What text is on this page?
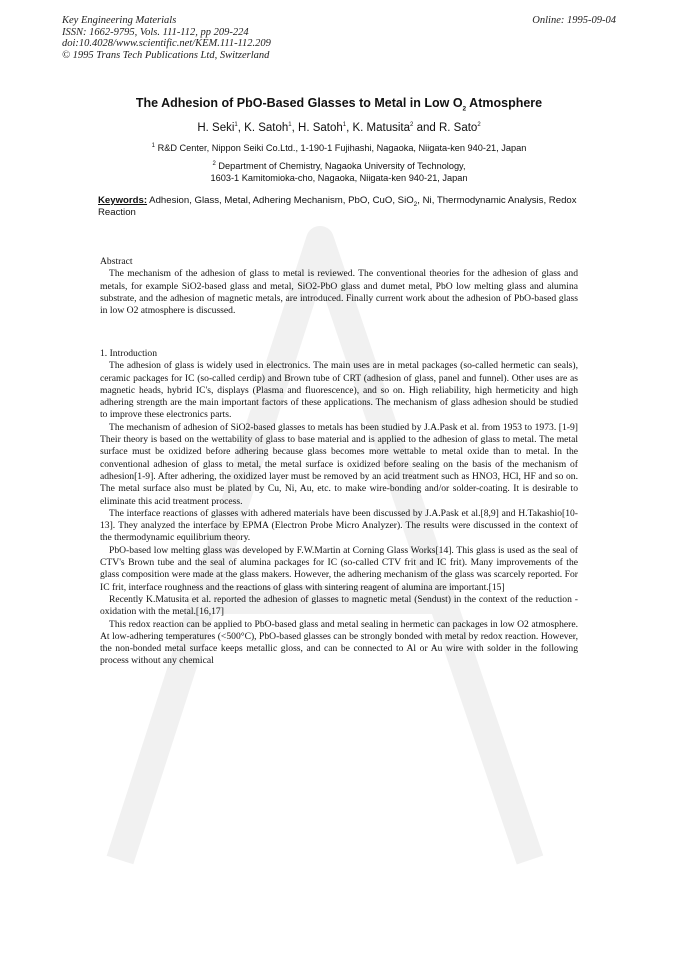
Key Engineering Materials
ISSN: 1662-9795, Vols. 111-112, pp 209-224
doi:10.4028/www.scientific.net/KEM.111-112.209
© 1995 Trans Tech Publications Ltd, Switzerland
Online: 1995-09-04
The Adhesion of PbO-Based Glasses to Metal in Low $O_2$ Atmosphere
H. Seki$^1$, K. Satoh$^1$, H. Satoh$^1$, K. Matusita$^2$ and R. Sato$^2$
$^1$ R&D Center, Nippon Seiki Co.Ltd., 1-190-1 Fujihashi, Nagaoka, Niigata-ken 940-21, Japan
$^2$ Department of Chemistry, Nagaoka University of Technology,
1603-1 Kamitomioka-cho, Nagaoka, Niigata-ken 940-21, Japan
Keywords: Adhesion, Glass, Metal, Adhering Mechanism, PbO, CuO, SiO$_2$, Ni, Thermodynamic Analysis, Redox Reaction
Abstract

The mechanism of the adhesion of glass to metal is reviewed. The conventional theories for the adhesion of glass and metals, for example SiO2-based glass and metal, SiO2-PbO glass and dumet metal, PbO low melting glass and alumina substrate, and the adhesion of magnetic metals, are introduced. Finally current work about the adhesion of PbO-based glass in low O2 atmosphere is discussed.

1. Introduction

The adhesion of glass is widely used in electronics. The main uses are in metal packages (so-called hermetic can seals), ceramic packages for IC (so-called cerdip) and Brown tube of CRT (adhesion of glass, panel and funnel). Other uses are as magnetic heads, hybrid IC's, displays (Plasma and fluorescence), and so on. High reliability, high hermeticity and high adhering strength are the main important factors of these applications. The mechanism of glass adhesion should be studied to improve these electronics parts.

The mechanism of adhesion of SiO2-based glasses to metals has been studied by J.A.Pask et al. from 1953 to 1973. [1-9] Their theory is based on the wettability of glass to base material and is applied to the adhesion of glass to metal. The metal surface must be oxidized before adhering because glass becomes more wettable to metal oxide than to metal. In the conventional adhesion of glass to metal, the metal surface is oxidized before sealing on the basis of the mechanism of adhesion[1-9]. After adhering, the oxidized layer must be removed by an acid treatment such as HNO3, HCl, HF and so on. The metal surface also must be plated by Cu, Ni, Au, etc. to make wire-bonding and/or solder-coating. It is desirable to eliminate this acid treatment process.

The interface reactions of glasses with adhered materials have been discussed by J.A.Pask et al.[8,9] and H.Takashio[10-13]. They analyzed the interface by EPMA (Electron Probe Micro Analyzer). The results were discussed in the context of the thermodynamic equilibrium theory.

PbO-based low melting glass was developed by F.W.Martin at Corning Glass Works[14]. This glass is used as the seal of CTV's Brown tube and the seal of alumina packages for IC (so-called CTV frit and IC frit). Many improvements of the glass composition were made at the glass makers. However, the adhering mechanism of the glass was scarcely reported. For IC frit, interface roughness and the reactions of glass with sintering reagent of alumina are important.[15]

Recently K.Matusita et al. reported the adhesion of glasses to magnetic metal (Sendust) in the context of the reduction - oxidation with the metal.[16,17]

This redox reaction can be applied to PbO-based glass and metal sealing in hermetic can packages in low O2 atmosphere. At low-adhering temperatures (<500°C), PbO-based glasses can be strongly bonded with metal by redox reaction. However, the non-bonded metal surface keeps metallic gloss, and can be connected to Al or Au wire with solder in the following process without any chemical
